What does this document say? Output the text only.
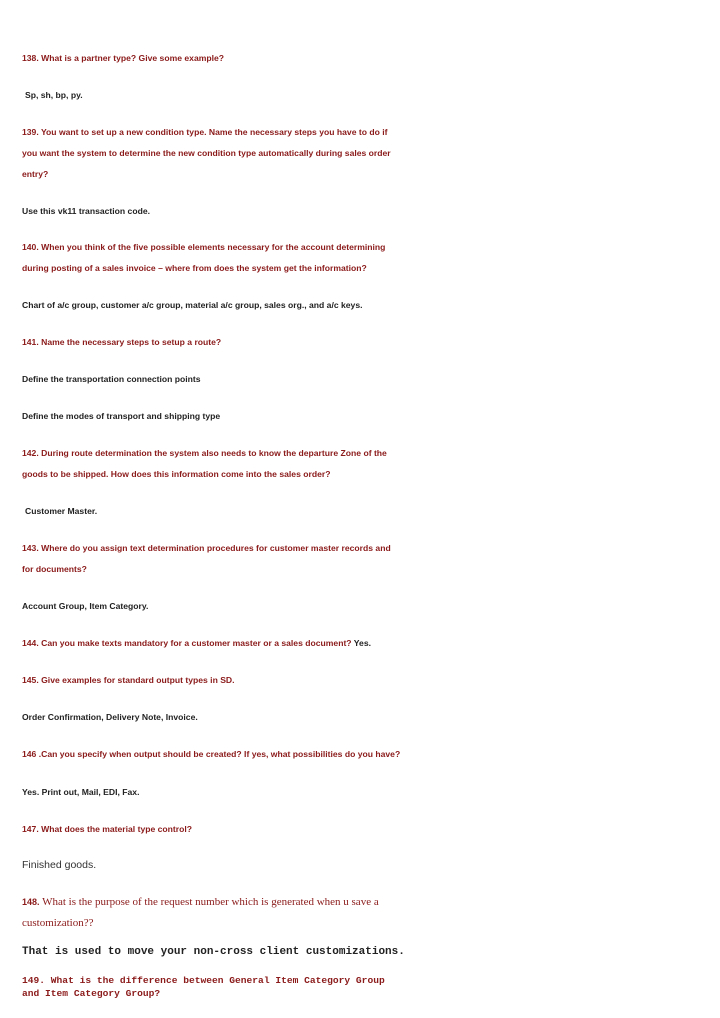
138. What is a partner type? Give some example?

Sp, sh, bp, py.

139. You want to set up a new condition type. Name the necessary steps you have to do if

you want the system to determine the new condition type automatically during sales order

entry?

Use this vk11 transaction code.

140. When you think of the five possible elements necessary for the account determining

during posting of a sales invoice – where from does the system get the information?

Chart of a/c group, customer a/c group, material a/c group, sales org., and a/c keys.

141. Name the necessary steps to setup a route?

Define the transportation connection points

Define the modes of transport and shipping type

142. During route determination the system also needs to know the departure Zone of the

goods to be shipped. How does this information come into the sales order?

Customer Master.

143. Where do you assign text determination procedures for customer master records and

for documents?

Account Group, Item Category.

144. Can you make texts mandatory for a customer master or a sales document? Yes.

145. Give examples for standard output types in SD.

Order Confirmation, Delivery Note, Invoice.

146 .Can you specify when output should be created? If yes, what possibilities do you have?

Yes. Print out, Mail, EDI, Fax.

147. What does the material type control?

Finished goods.

148. What is the purpose of the request number which is generated when u save a

customization??

That is used to move your non-cross client customizations.

149. What is the difference between General Item Category Group

and Item Category Group?
